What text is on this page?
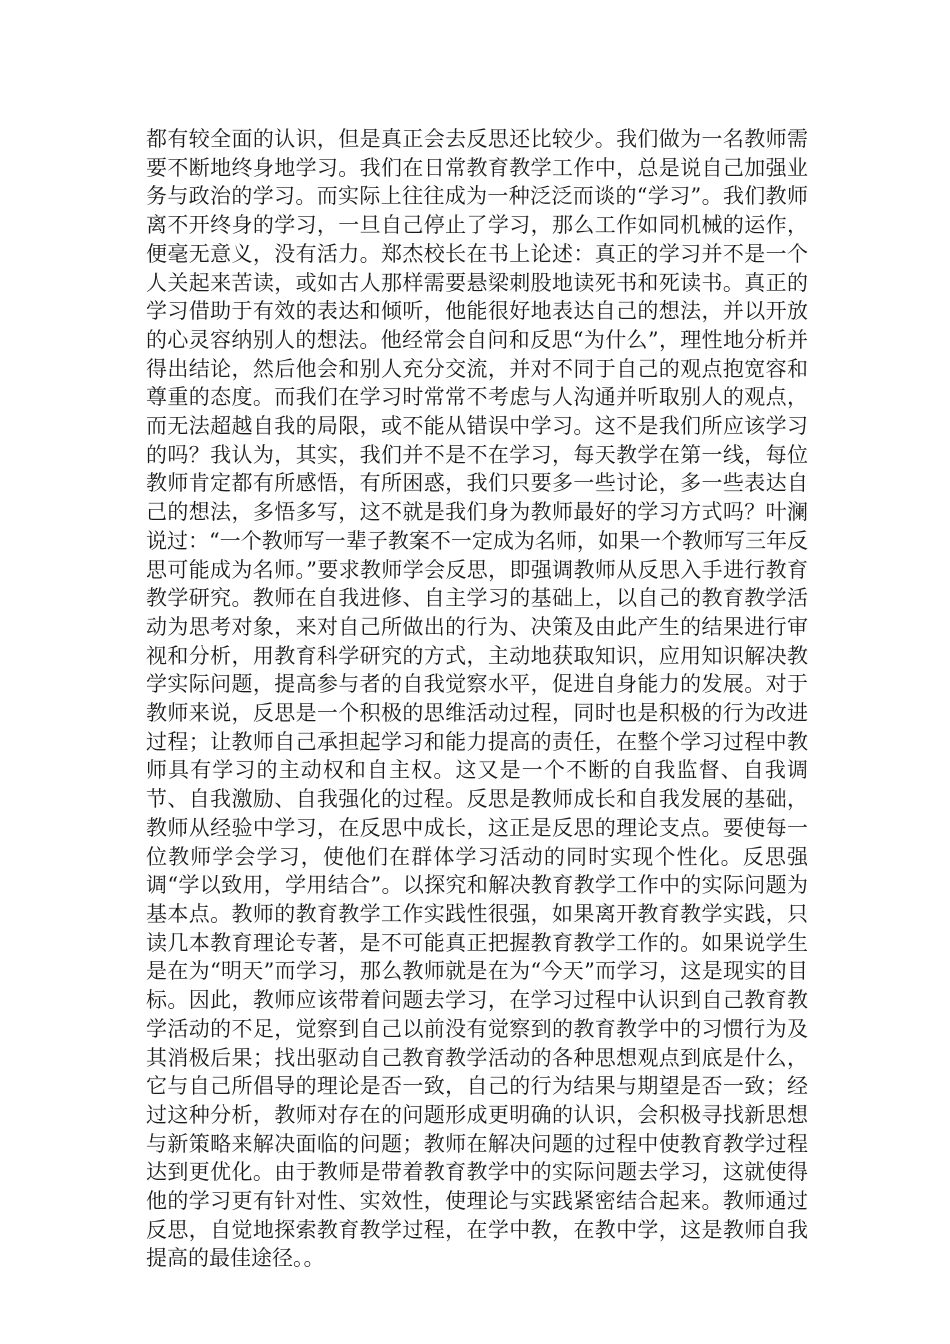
都有较全面的认识，但是真正会去反思还比较少。我们做为一名教师需要不断地终身地学习。我们在日常教育教学工作中，总是说自己加强业务与政治的学习。而实际上往往成为一种泛泛而谈的“学习”。我们教师离不开终身的学习，一旦自己停止了学习，那么工作如同机械的运作，便毫无意义，没有活力。郑杰校长在书上论述：真正的学习并不是一个人关起来苦读，或如古人那样需要悬梁刺股地读死书和死读书。真正的学习借助于有效的表达和倾听，他能很好地表达自己的想法，并以开放的心灵容纳别人的想法。他经常会自问和反思“为什么”，理性地分析并得出结论，然后他会和别人充分交流，并对不同于自己的观点抱宽容和尊重的态度。而我们在学习时常常不考虑与人沟通并听取别人的观点，而无法超越自我的局限，或不能从错误中学习。这不是我们所应该学习的吗？我认为，其实，我们并不是不在学习，每天教学在第一线，每位教师肯定都有所感悟，有所困惑，我们只要多一些讨论，多一些表达自己的想法，多悟多写，这不就是我们身为教师最好的学习方式吗？叶澜说过：“一个教师写一辈子教案不一定成为名师，如果一个教师写三年反思可能成为名师。”要求教师学会反思，即强调教师从反思入手进行教育教学研究。教师在自我进修、自主学习的基础上，以自己的教育教学活动为思考对象，来对自己所做出的行为、决策及由此产生的结果进行审视和分析，用教育科学研究的方式，主动地获取知识，应用知识解决教学实际问题，提高参与者的自我觉察水平，促进自身能力的发展。对于教师来说，反思是一个积极的思维活动过程，同时也是积极的行为改进过程；让教师自己承担起学习和能力提高的责任，在整个学习过程中教师具有学习的主动权和自主权。这又是一个不断的自我监督、自我调节、自我激励、自我强化的过程。反思是教师成长和自我发展的基础，教师从经验中学习，在反思中成长，这正是反思的理论支点。要使每一位教师学会学习，使他们在群体学习活动的同时实现个性化。反思强调“学以致用，学用结合”。以探究和解决教育教学工作中的实际问题为基本点。教师的教育教学工作实践性很强，如果离开教育教学实践，只读几本教育理论专著，是不可能真正把握教育教学工作的。如果说学生是在为“明天”而学习，那么教师就是在为“今天”而学习，这是现实的目标。因此，教师应该带着问题去学习，在学习过程中认识到自己教育教学活动的不足，觉察到自己以前没有觉察到的教育教学中的习惯行为及其消极后果；找出驱动自己教育教学活动的各种思想观点到底是什么，它与自己所倡导的理论是否一致，自己的行为结果与期望是否一致；经过这种分析，教师对存在的问题形成更明确的认识，会积极寻找新思想与新策略来解决面临的问题；教师在解决问题的过程中使教育教学过程达到更优化。由于教师是带着教育教学中的实际问题去学习，这就使得他的学习更有针对性、实效性，使理论与实践紧密结合起来。教师通过反思，自觉地探索教育教学过程，在学中教，在教中学，这是教师自我提高的最佳途径。。
